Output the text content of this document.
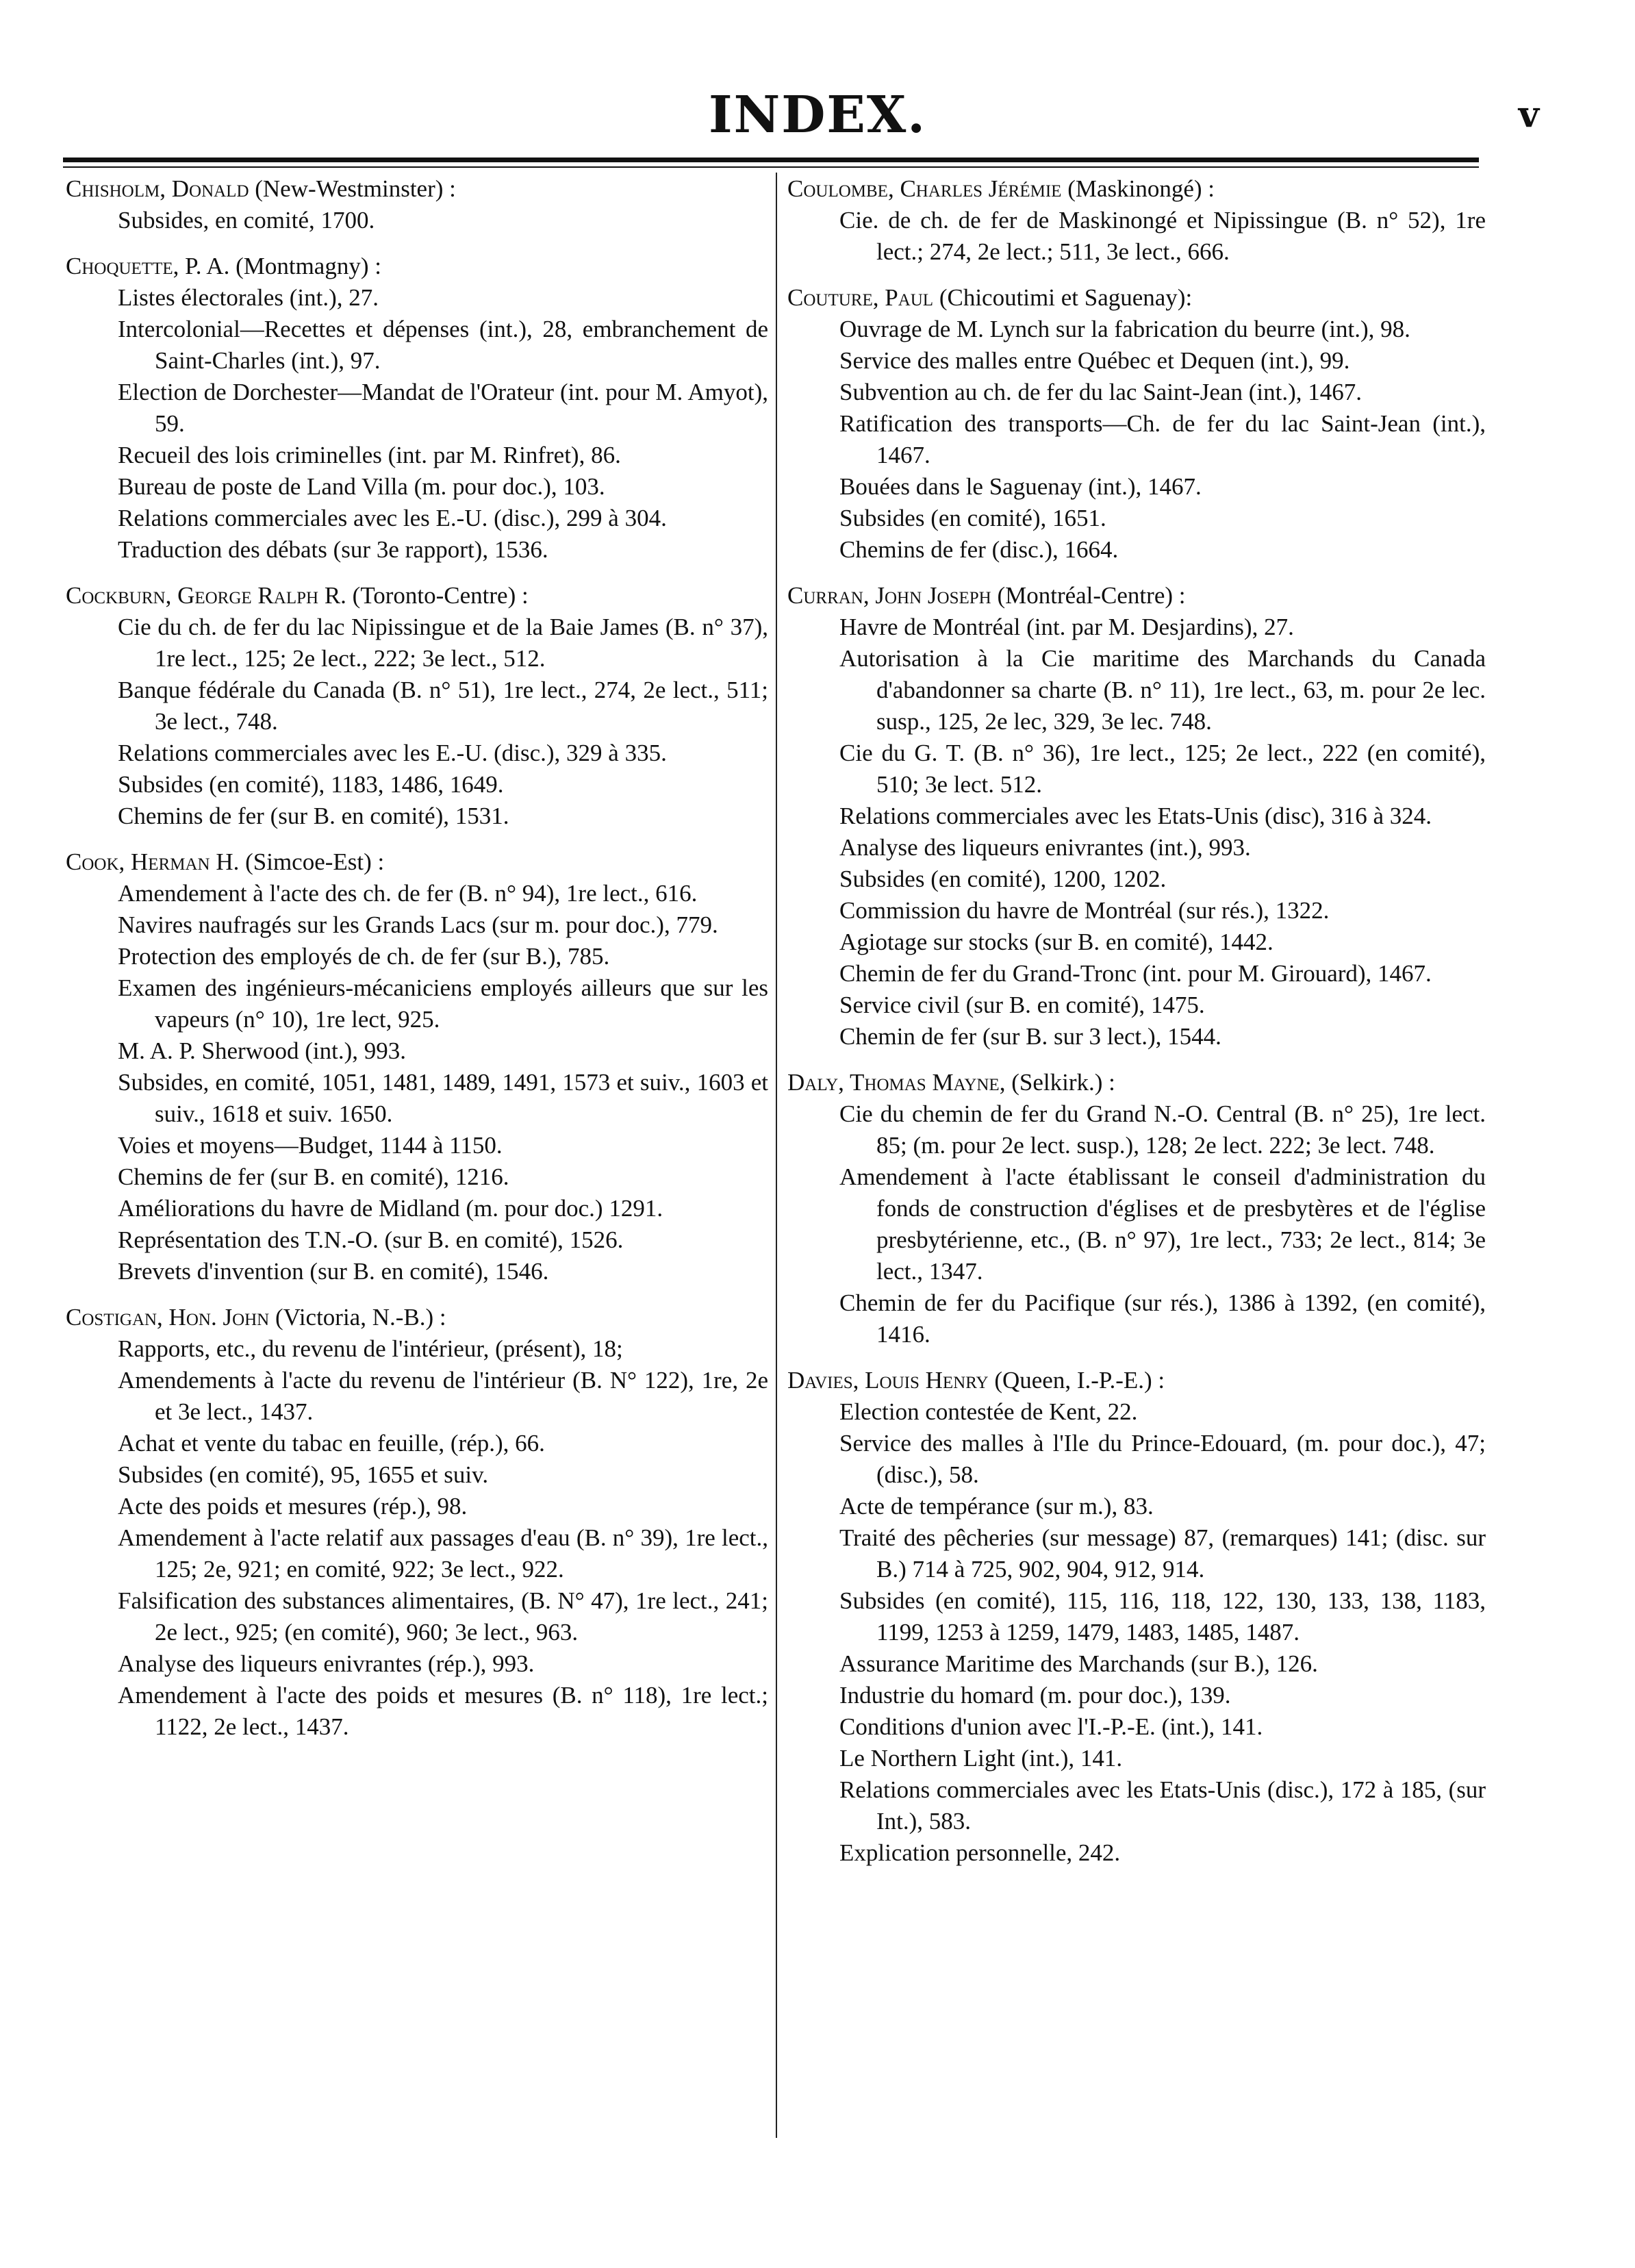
INDEX.	v

Chisholm, Donald (New-Westminster) :

Subsides, en comité, 1700.

Choquette, P. A. (Montmagny) :

Listes électorales (int.), 27.

Intercolonial—Recettes et dépenses (int.), 28, embranchement de Saint-Charles (int.), 97.

Election de Dorchester—Mandat de l'Orateur (int. pour M. Amyot), 59.

Recueil des lois criminelles (int. par M. Rinfret), 86.

Bureau de poste de Land Villa (m. pour doc.), 103.

Relations commerciales avec les E.-U. (disc.), 299 à 304.

Traduction des débats (sur 3e rapport), 1536.

Cockburn, George Ralph R. (Toronto-Centre) :

Cie du ch. de fer du lac Nipissingue et de la Baie James (B. n° 37), 1re lect., 125; 2e lect., 222; 3e lect., 512.

Banque fédérale du Canada (B. n° 51), 1re lect., 274, 2e lect., 511; 3e lect., 748.

Relations commerciales avec les E.-U. (disc.), 329 à 335.

Subsides (en comité), 1183, 1486, 1649.

Chemins de fer (sur B. en comité), 1531.

Cook, Herman H. (Simcoe-Est) :

Amendement à l'acte des ch. de fer (B. n° 94), 1re lect., 616.

Navires naufragés sur les Grands Lacs (sur m. pour doc.), 779.

Protection des employés de ch. de fer (sur B.), 785.

Examen des ingénieurs-mécaniciens employés ailleurs que sur les vapeurs (n° 10), 1re lect, 925.

M. A. P. Sherwood (int.), 993.

Subsides, en comité, 1051, 1481, 1489, 1491, 1573 et suiv., 1603 et suiv., 1618 et suiv. 1650.

Voies et moyens—Budget, 1144 à 1150.

Chemins de fer (sur B. en comité), 1216.

Améliorations du havre de Midland (m. pour doc.) 1291.

Représentation des T.N.-O. (sur B. en comité), 1526.

Brevets d'invention (sur B. en comité), 1546.

Costigan, Hon. John (Victoria, N.-B.) :

Rapports, etc., du revenu de l'intérieur, (présent), 18;

Amendements à l'acte du revenu de l'intérieur (B. N° 122), 1re, 2e et 3e lect., 1437.

Achat et vente du tabac en feuille, (rép.), 66.

Subsides (en comité), 95, 1655 et suiv.

Acte des poids et mesures (rép.), 98.

Amendement à l'acte relatif aux passages d'eau (B. n° 39), 1re lect., 125; 2e, 921; en comité, 922; 3e lect., 922.

Falsification des substances alimentaires, (B. N° 47), 1re lect., 241; 2e lect., 925; (en comité), 960; 3e lect., 963.

Analyse des liqueurs enivrantes (rép.), 993.

Amendement à l'acte des poids et mesures (B. n° 118), 1re lect.; 1122, 2e lect., 1437.

Coulombe, Charles Jérémie (Maskinongé) :

Cie. de ch. de fer de Maskinongé et Nipissingue (B. n° 52), 1re lect.; 274, 2e lect.; 511, 3e lect., 666.

Couture, Paul (Chicoutimi et Saguenay):

Ouvrage de M. Lynch sur la fabrication du beurre (int.), 98.

Service des malles entre Québec et Dequen (int.), 99.

Subvention au ch. de fer du lac Saint-Jean (int.), 1467.

Ratification des transports—Ch. de fer du lac Saint-Jean (int.), 1467.

Bouées dans le Saguenay (int.), 1467.

Subsides (en comité), 1651.

Chemins de fer (disc.), 1664.

Curran, John Joseph (Montréal-Centre) :

Havre de Montréal (int. par M. Desjardins), 27.

Autorisation à la Cie maritime des Marchands du Canada d'abandonner sa charte (B. n° 11), 1re lect., 63, m. pour 2e lec. susp., 125, 2e lec, 329, 3e lec. 748.

Cie du G. T. (B. n° 36), 1re lect., 125; 2e lect., 222 (en comité), 510; 3e lect. 512.

Relations commerciales avec les Etats-Unis (disc), 316 à 324.

Analyse des liqueurs enivrantes (int.), 993.

Subsides (en comité), 1200, 1202.

Commission du havre de Montréal (sur rés.), 1322.

Agiotage sur stocks (sur B. en comité), 1442.

Chemin de fer du Grand-Tronc (int. pour M. Girouard), 1467.

Service civil (sur B. en comité), 1475.

Chemin de fer (sur B. sur 3 lect.), 1544.

Daly, Thomas Mayne, (Selkirk.) :

Cie du chemin de fer du Grand N.-O. Central (B. n° 25), 1re lect. 85; (m. pour 2e lect. susp.), 128; 2e lect. 222; 3e lect. 748.

Amendement à l'acte établissant le conseil d'administration du fonds de construction d'églises et de presbytères et de l'église presbytérienne, etc., (B. n° 97), 1re lect., 733; 2e lect., 814; 3e lect., 1347.

Chemin de fer du Pacifique (sur rés.), 1386 à 1392, (en comité), 1416.

Davies, Louis Henry (Queen, I.-P.-E.) :

Election contestée de Kent, 22.

Service des malles à l'Ile du Prince-Edouard, (m. pour doc.), 47; (disc.), 58.

Acte de tempérance (sur m.), 83.

Traité des pêcheries (sur message) 87, (remarques) 141; (disc. sur B.) 714 à 725, 902, 904, 912, 914.

Subsides (en comité), 115, 116, 118, 122, 130, 133, 138, 1183, 1199, 1253 à 1259, 1479, 1483, 1485, 1487.

Assurance Maritime des Marchands (sur B.), 126.

Industrie du homard (m. pour doc.), 139.

Conditions d'union avec l'I.-P.-E. (int.), 141.

Le Northern Light (int.), 141.

Relations commerciales avec les Etats-Unis (disc.), 172 à 185, (sur Int.), 583.

Explication personnelle, 242.
